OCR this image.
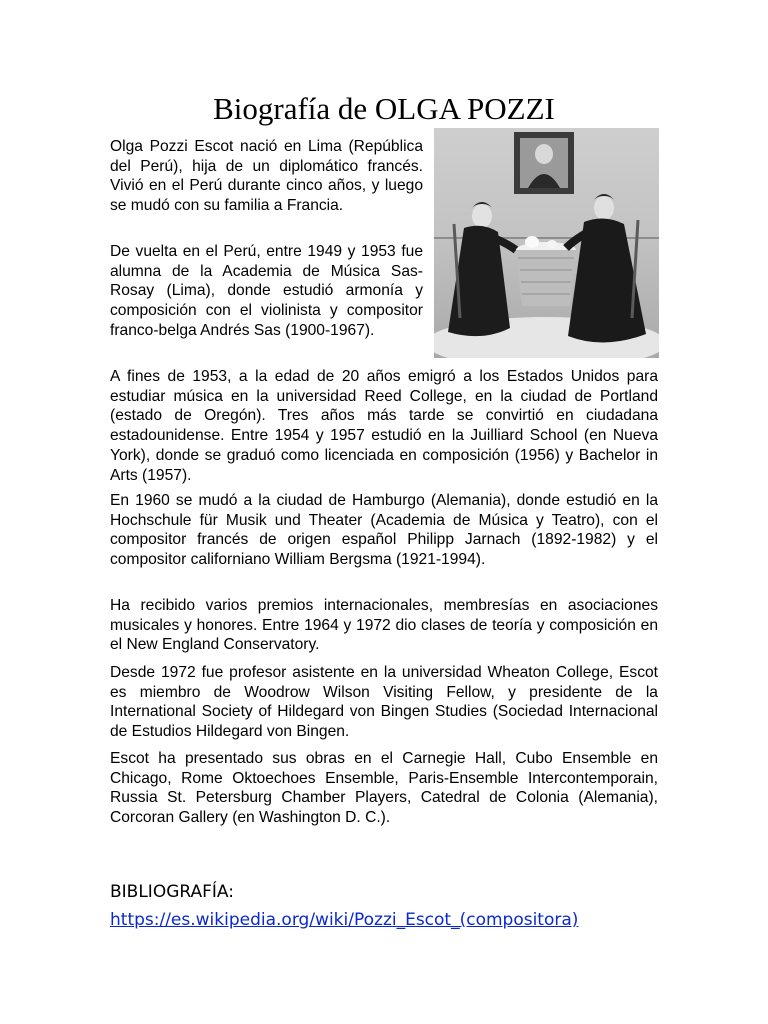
Biografía de OLGA POZZI

Olga Pozzi Escot nació en Lima (República del Perú), hija de un diplomático francés. Vivió en el Perú durante cinco años, y luego se mudó con su familia a Francia.

De vuelta en el Perú, entre 1949 y 1953 fue alumna de la Academia de Música Sas-Rosay (Lima), donde estudió armonía y composición con el violinista y compositor franco-belga Andrés Sas (1900-1967).

A fines de 1953, a la edad de 20 años emigró a los Estados Unidos para estudiar música en la universidad Reed College, en la ciudad de Portland (estado de Oregón). Tres años más tarde se convirtió en ciudadana estadounidense. Entre 1954 y 1957 estudió en la Juilliard School (en Nueva York), donde se graduó como licenciada en composición (1956) y Bachelor in Arts (1957).

En 1960 se mudó a la ciudad de Hamburgo (Alemania), donde estudió en la Hochschule für Musik und Theater (Academia de Música y Teatro), con el compositor francés de origen español Philipp Jarnach (1892-1982) y el compositor californiano William Bergsma (1921-1994).

Ha recibido varios premios internacionales, membresías en asociaciones musicales y honores. Entre 1964 y 1972 dio clases de teoría y composición en el New England Conservatory.

Desde 1972 fue profesor asistente en la universidad Wheaton College, Escot es miembro de Woodrow Wilson Visiting Fellow, y presidente de la International Society of Hildegard von Bingen Studies (Sociedad Internacional de Estudios Hildegard von Bingen.

Escot ha presentado sus obras en el Carnegie Hall, Cubo Ensemble en Chicago, Rome Oktoechoes Ensemble, Paris-Ensemble Intercontemporain, Russia St. Petersburg Chamber Players, Catedral de Colonia (Alemania), Corcoran Gallery (en Washington D. C.).

BIBLIOGRAFÍA:
https://es.wikipedia.org/wiki/Pozzi_Escot_(compositora)
